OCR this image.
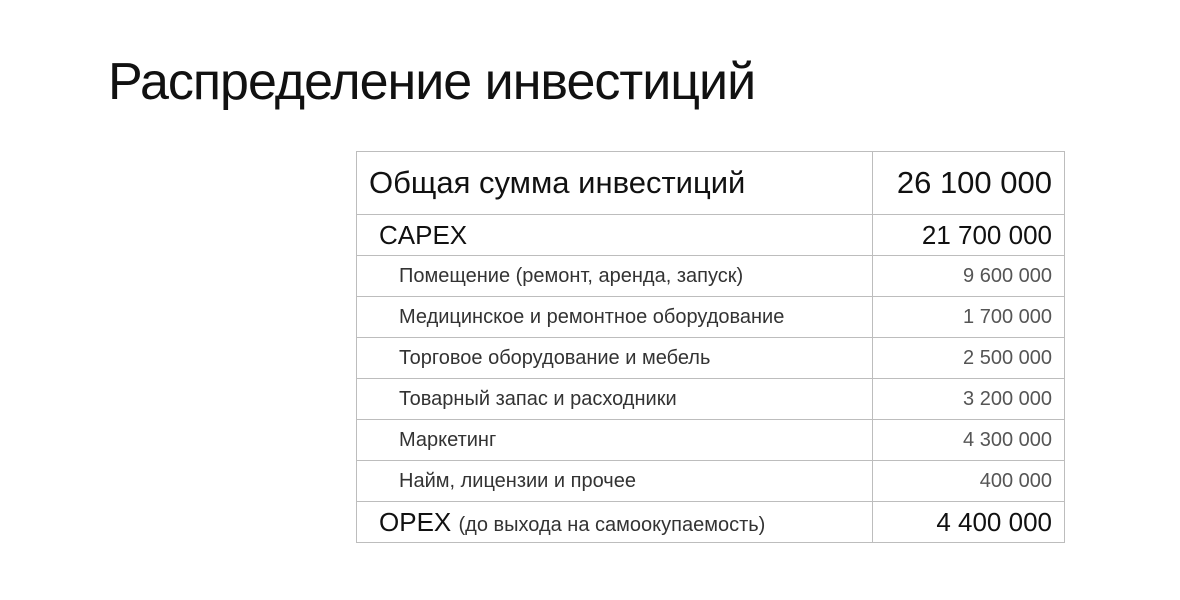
Распределение инвестиций
Общая сумма инвестиций	26 100 000
CAPEX	21 700 000
Помещение (ремонт, аренда, запуск)	9 600 000
Медицинское и ремонтное оборудование	1 700 000
Торговое оборудование и мебель	2 500 000
Товарный запас и расходники	3 200 000
Маркетинг	4 300 000
Найм, лицензии и прочее	400 000
OPEX (до выхода на самоокупаемость)	4 400 000
